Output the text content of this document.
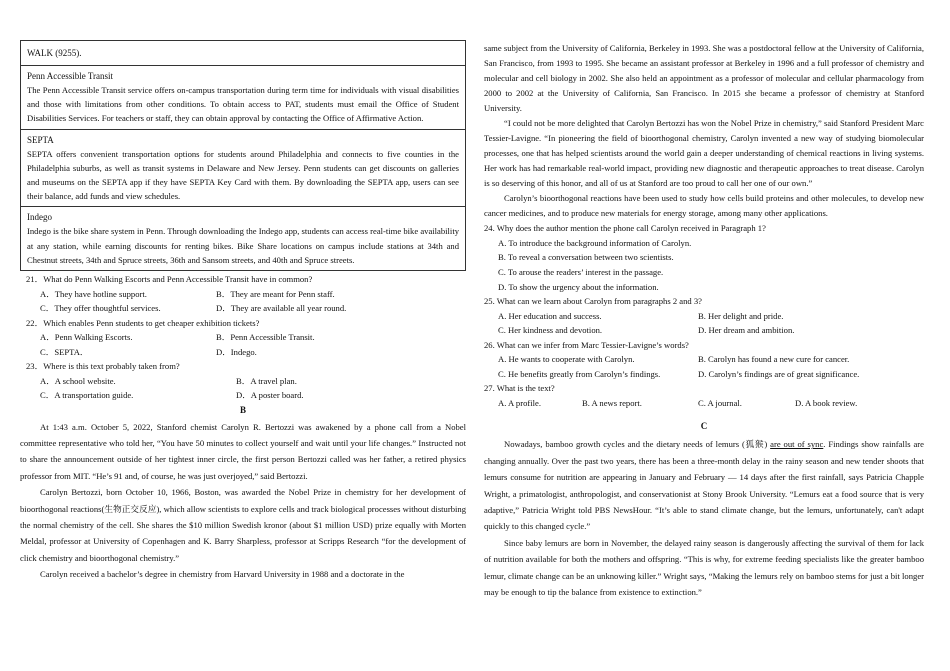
WALK (9255).
Penn Accessible Transit
The Penn Accessible Transit service offers on-campus transportation during term time for individuals with visual disabilities and those with limitations from other conditions. To obtain access to PAT, students must email the Office of Student Disabilities Services. For teachers or staff, they can obtain approval by contacting the Office of Affirmative Action.
SEPTA
SEPTA offers convenient transportation options for students around Philadelphia and connects to five counties in the Philadelphia suburbs, as well as transit systems in Delaware and New Jersey. Penn students can get discounts on galleries and museums on the SEPTA app if they have SEPTA Key Card with them. By downloading the SEPTA app, users can see their balance, add funds and view schedules.
Indego
Indego is the bike share system in Penn. Through downloading the Indego app, students can access real-time bike availability at any station, while earning discounts for renting bikes. Bike Share locations on campus include stations at 34th and Chestnut streets, 34th and Spruce streets, 36th and Sansom streets, and 40th and Spruce streets.
21．What do Penn Walking Escorts and Penn Accessible Transit have in common?
A．They have hotline support.	B．They are meant for Penn staff.
C．They offer thoughtful services.	D．They are available all year round.
22．Which enables Penn students to get cheaper exhibition tickets?
A．Penn Walking Escorts.	B．Penn Accessible Transit.
C．SEPTA．	D．Indego.
23．Where is this text probably taken from?
A．A school website.	B．A travel plan.
C．A transportation guide.	D．A poster board.
B

At 1:43 a.m. October 5, 2022, Stanford chemist Carolyn R. Bertozzi was awakened by a phone call from a Nobel committee representative who told her, “You have 50 minutes to collect yourself and wait until your life changes.” Instructed not to share the announcement outside of her tightest inner circle, the first person Bertozzi called was her father, a retired physics professor from MIT. “He’s 91 and, of course, he was just overjoyed,” said Bertozzi.

Carolyn Bertozzi, born October 10, 1966, Boston, was awarded the Nobel Prize in chemistry for her development of bioorthogonal reactions(生物正交反应), which allow scientists to explore cells and track biological processes without disturbing the normal chemistry of the cell. She shares the $10 million Swedish kronor (about $1 million USD) prize equally with Morten Meldal, professor at University of Copenhagen and K. Barry Sharpless, professor at Scripps Research “for the development of click chemistry and bioorthogonal chemistry.”

Carolyn received a bachelor’s degree in chemistry from Harvard University in 1988 and a doctorate in the

same subject from the University of California, Berkeley in 1993. She was a postdoctoral fellow at the University of California, San Francisco, from 1993 to 1995. She became an assistant professor at Berkeley in 1996 and a full professor of chemistry and molecular and cell biology in 2002. She also held an appointment as a professor of molecular and cellular pharmacology from 2000 to 2002 at the University of California, San Francisco. In 2015 she became a professor of chemistry at Stanford University.

“I could not be more delighted that Carolyn Bertozzi has won the Nobel Prize in chemistry,” said Stanford President Marc Tessier-Lavigne. “In pioneering the field of bioorthogonal chemistry, Carolyn invented a new way of studying biomolecular processes, one that has helped scientists around the world gain a deeper understanding of chemical reactions in living systems. Her work has had remarkable real-world impact, providing new diagnostic and therapeutic approaches to treat disease. Carolyn is so deserving of this honor, and all of us at Stanford are too proud to call her one of our own.”

Carolyn’s bioorthogonal reactions have been used to study how cells build proteins and other molecules, to develop new cancer medicines, and to produce new materials for energy storage, among many other applications.

24. Why does the author mention the phone call Carolyn received in Paragraph 1?
A. To introduce the background information of Carolyn.
B. To reveal a conversation between two scientists.
C. To arouse the readers’ interest in the passage.
D. To show the urgency about the information.
25. What can we learn about Carolyn from paragraphs 2 and 3?
A. Her education and success.	B. Her delight and pride.
C. Her kindness and devotion.	D. Her dream and ambition.
26. What can we infer from Marc Tessier-Lavigne’s words?
A. He wants to cooperate with Carolyn.	B. Carolyn has found a new cure for cancer.
C. He benefits greatly from Carolyn’s findings.	D. Carolyn’s findings are of great significance.
27. What is the text?
A. A profile.	B. A news report.	C. A journal.	D. A book review.
C

Nowadays, bamboo growth cycles and the dietary needs of lemurs (狐猴) are out of sync. Findings show rainfalls are changing annually. Over the past two years, there has been a three-month delay in the rainy season and new tender shoots that lemurs consume for nutrition are appearing in January and February — 14 days after the first rainfall, says Patricia Chapple Wright, a primatologist, anthropologist, and conservationist at Stony Brook University. “Lemurs eat a food source that is very adaptive,” Patricia Wright told PBS NewsHour. “It’s able to stand climate change, but the lemurs, unfortunately, can't adapt quickly to this changed cycle.”

Since baby lemurs are born in November, the delayed rainy season is dangerously affecting the survival of them for lack of nutrition available for both the mothers and offspring. “This is why, for extreme feeding specialists like the greater bamboo lemur, climate change can be an unknowing killer.” Wright says, “Making the lemurs rely on bamboo stems for just a bit longer may be enough to tip the balance from existence to extinction.”
